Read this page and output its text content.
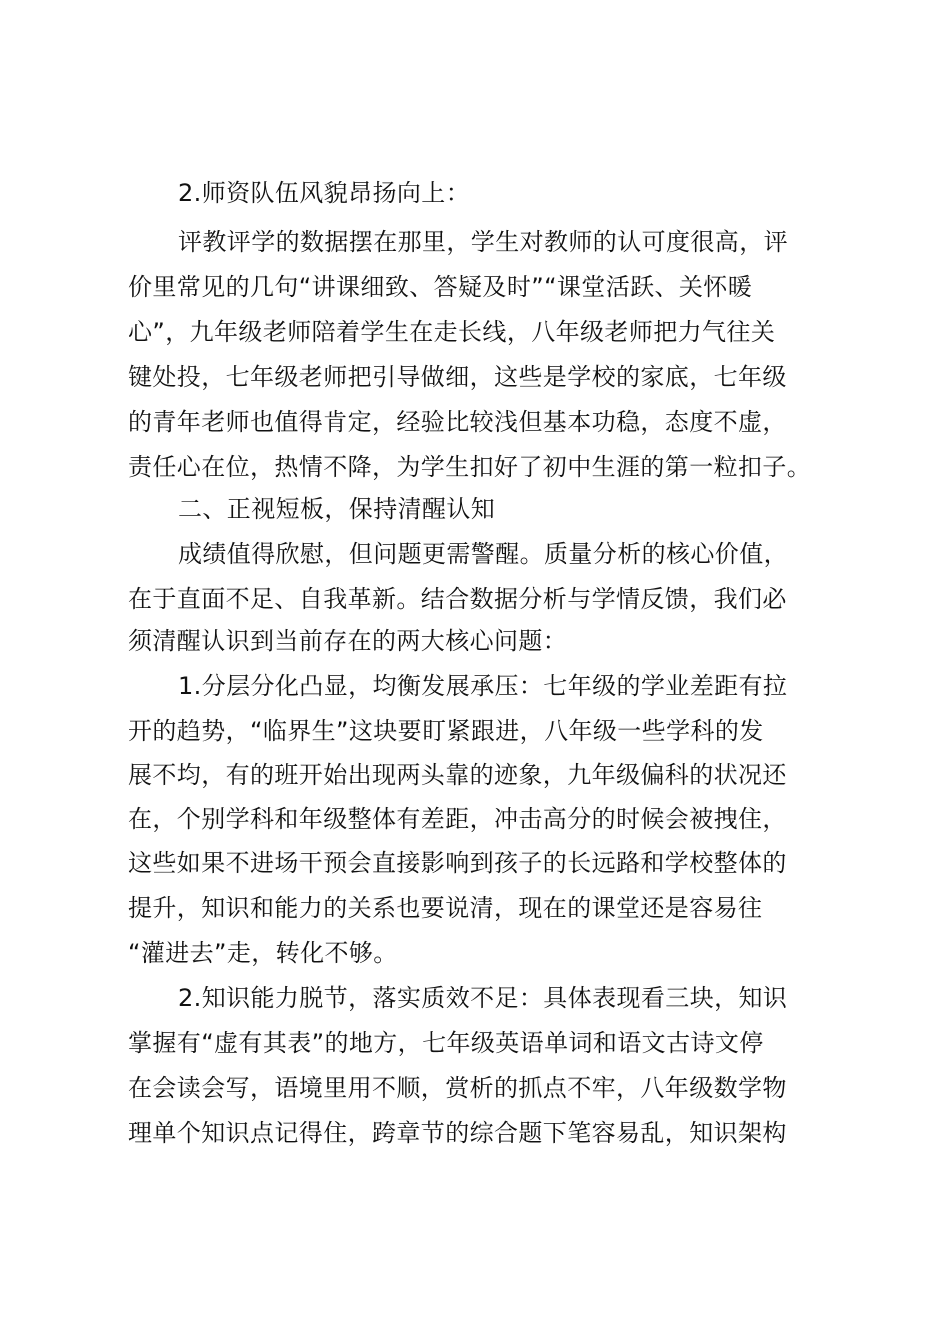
2.师资队伍风貌昂扬向上：
评教评学的数据摆在那里，学生对教师的认可度很高，评
价里常见的几句“讲课细致、答疑及时”“课堂活跃、关怀暖
心”，九年级老师陪着学生在走长线，八年级老师把力气往关
键处投，七年级老师把引导做细，这些是学校的家底，七年级
的青年老师也值得肯定，经验比较浅但基本功稳，态度不虚，
责任心在位，热情不降，为学生扣好了初中生涯的第一粒扣子。
二、正视短板，保持清醒认知
成绩值得欣慰，但问题更需警醒。质量分析的核心价值，
在于直面不足、自我革新。结合数据分析与学情反馈，我们必
须清醒认识到当前存在的两大核心问题：
1.分层分化凸显，均衡发展承压：七年级的学业差距有拉
开的趋势，“临界生”这块要盯紧跟进，八年级一些学科的发
展不均，有的班开始出现两头靠的迹象，九年级偏科的状况还
在，个别学科和年级整体有差距，冲击高分的时候会被拽住，
这些如果不进场干预会直接影响到孩子的长远路和学校整体的
提升，知识和能力的关系也要说清，现在的课堂还是容易往
“灌进去”走，转化不够。
2.知识能力脱节，落实质效不足：具体表现看三块，知识
掌握有“虚有其表”的地方，七年级英语单词和语文古诗文停
在会读会写，语境里用不顺，赏析的抓点不牢，八年级数学物
理单个知识点记得住，跨章节的综合题下笔容易乱，知识架构
